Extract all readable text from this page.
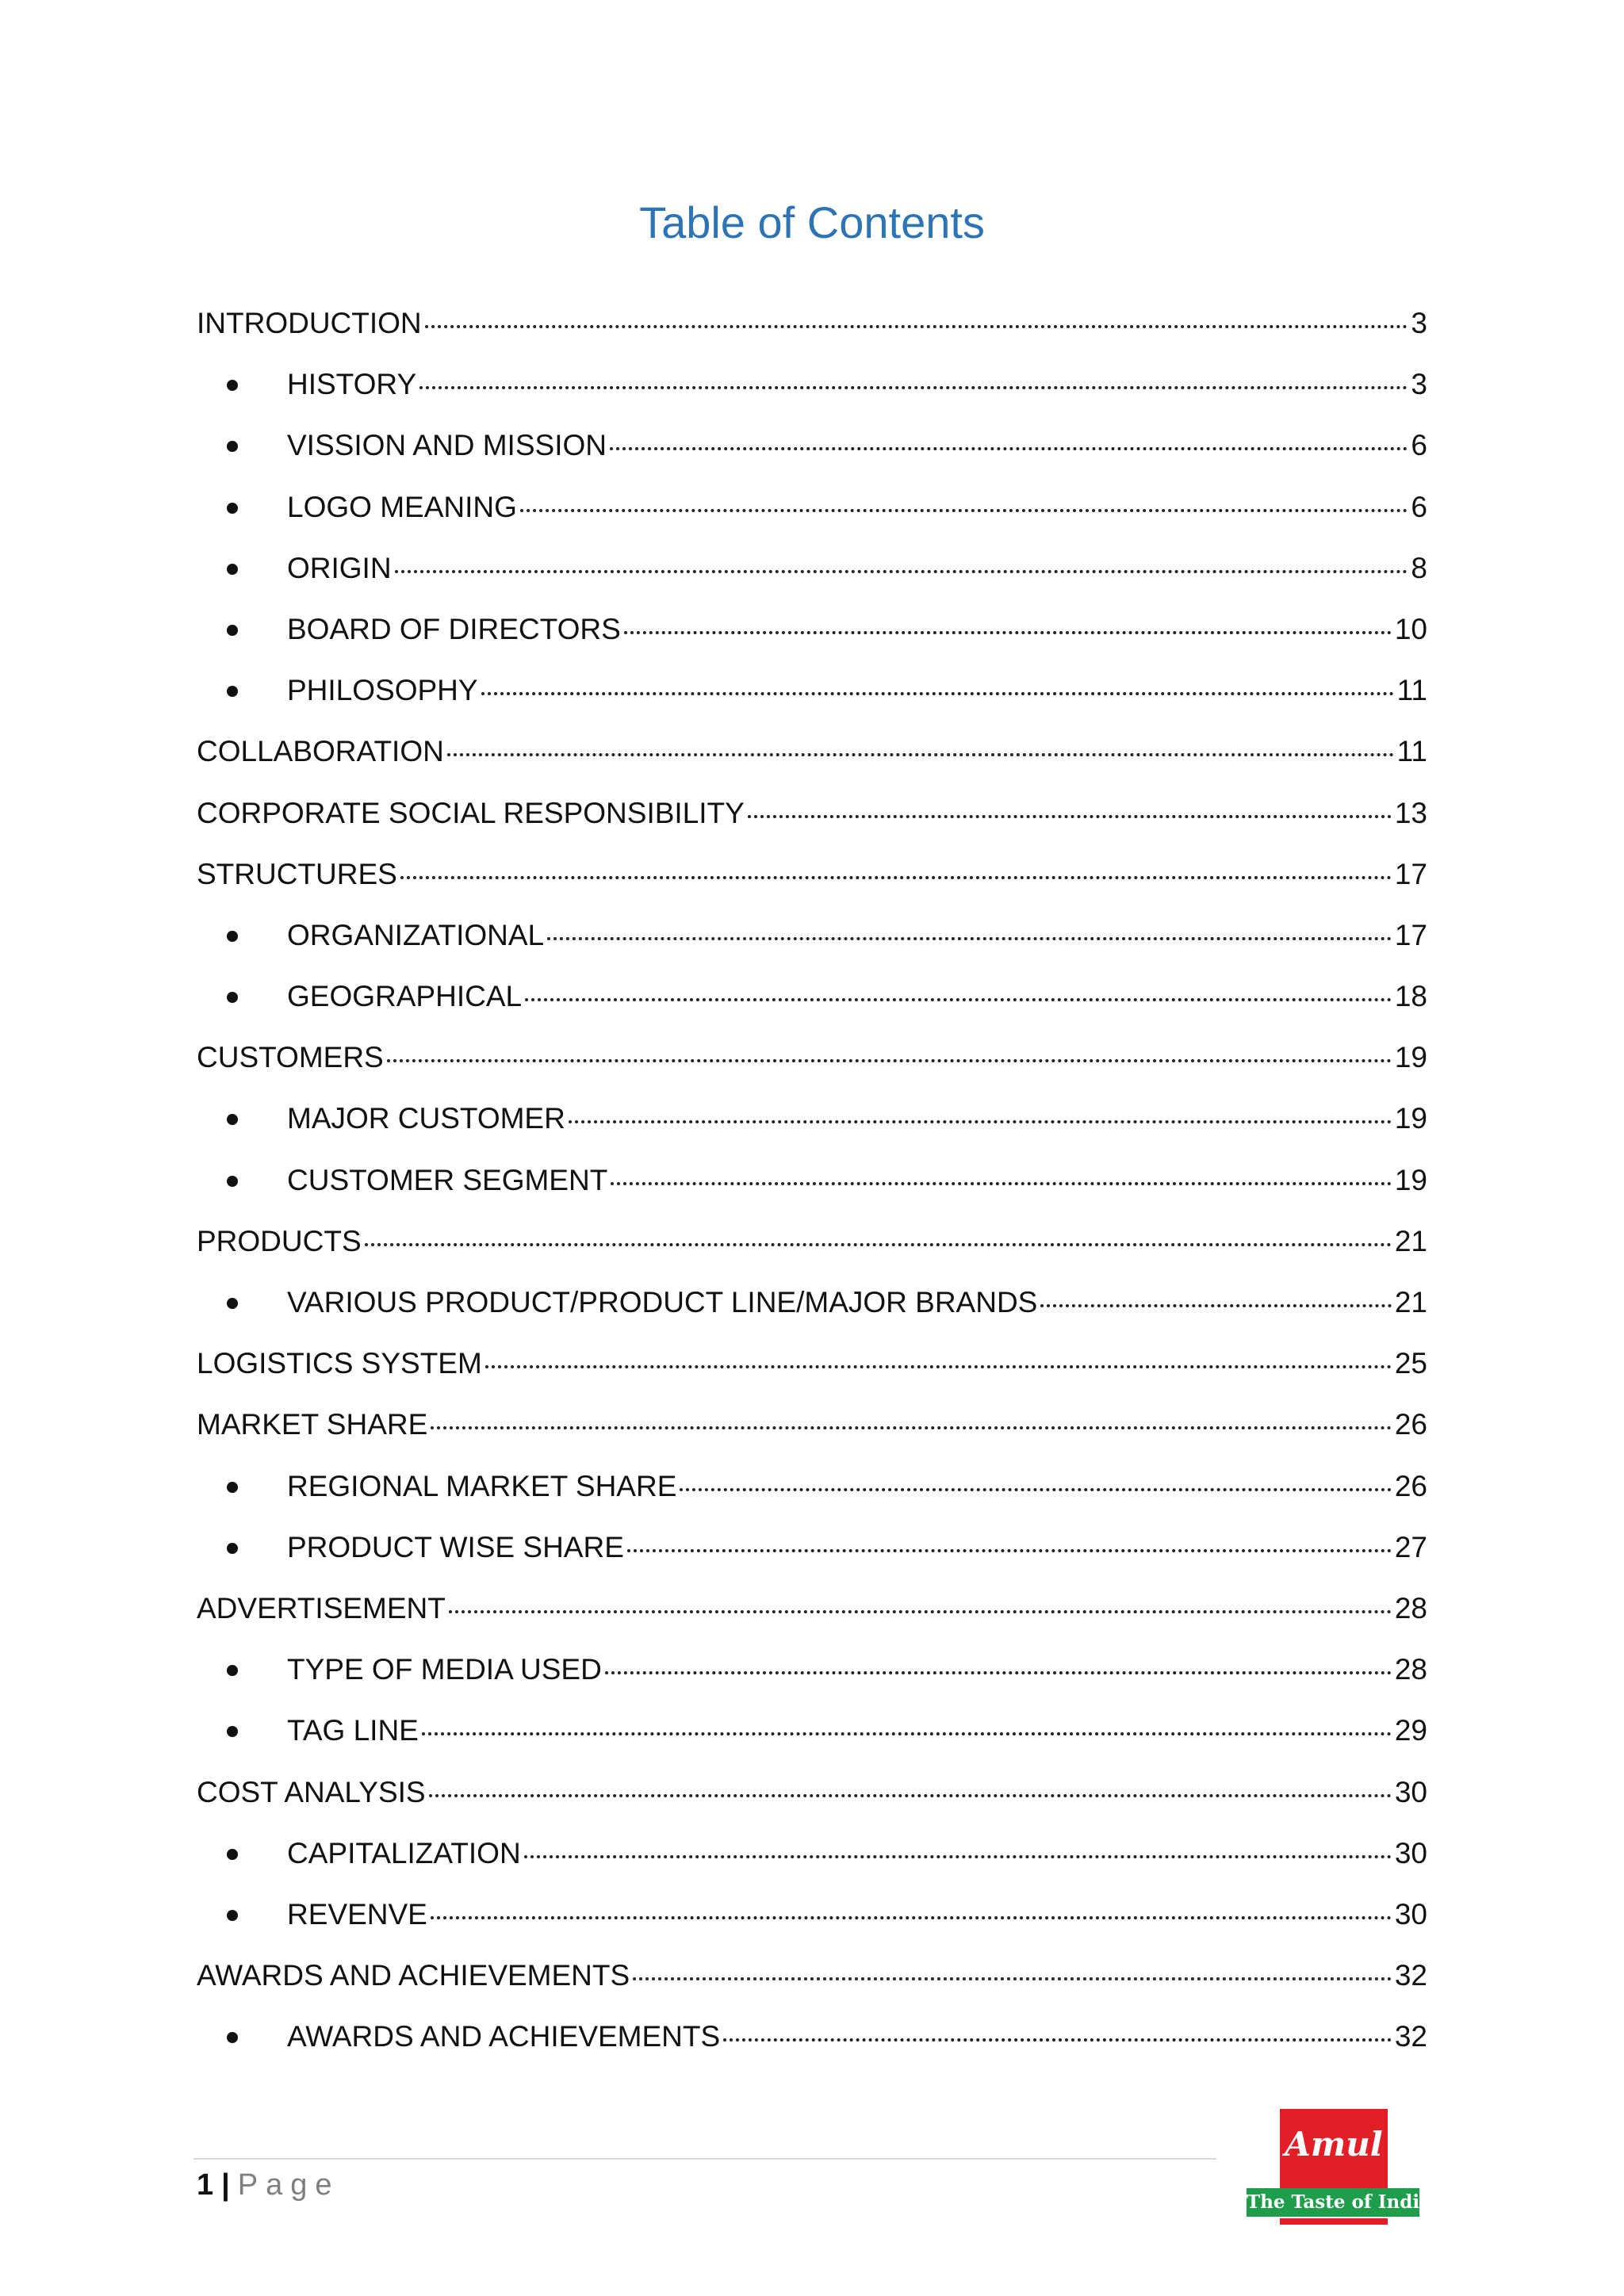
Table of Contents
INTRODUCTION	3
HISTORY	3
VISSION AND MISSION	6
LOGO MEANING	6
ORIGIN	8
BOARD OF DIRECTORS	10
PHILOSOPHY	11
COLLABORATION	11
CORPORATE SOCIAL RESPONSIBILITY	13
STRUCTURES	17
ORGANIZATIONAL	17
GEOGRAPHICAL	18
CUSTOMERS	19
MAJOR CUSTOMER	19
CUSTOMER SEGMENT	19
PRODUCTS	21
VARIOUS PRODUCT/PRODUCT LINE/MAJOR BRANDS	21
LOGISTICS SYSTEM	25
MARKET SHARE	26
REGIONAL MARKET SHARE	26
PRODUCT WISE SHARE	27
ADVERTISEMENT	28
TYPE OF MEDIA USED	28
TAG LINE	29
COST ANALYSIS	30
CAPITALIZATION	30
REVENVE	30
AWARDS AND ACHIEVEMENTS	32
AWARDS AND ACHIEVEMENTS	32
1 | Page
Amul
The Taste of India
